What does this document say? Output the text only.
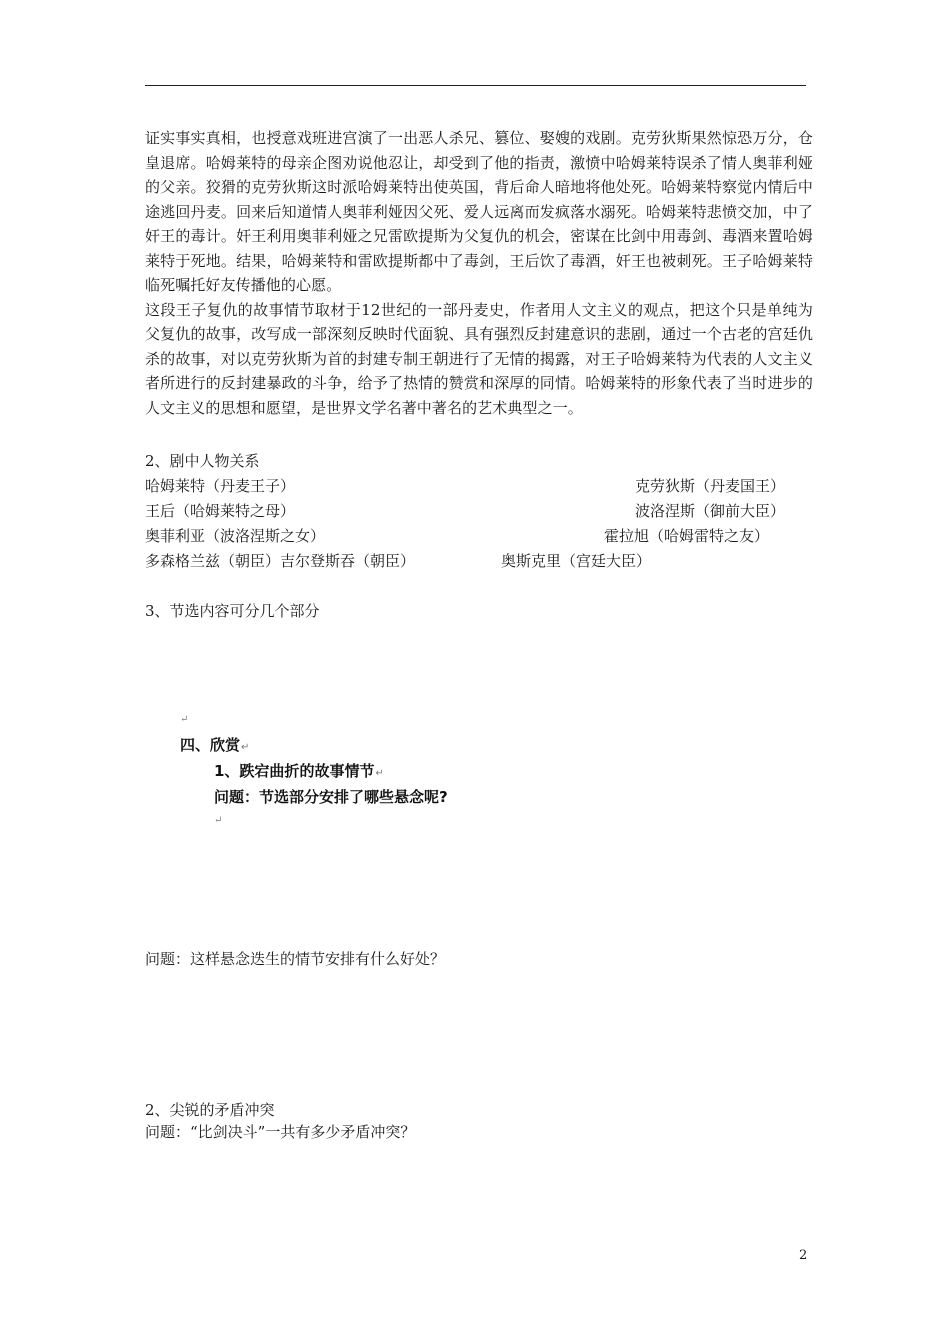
证实事实真相，也授意戏班进宫演了一出恶人杀兄、篡位、娶嫂的戏剧。克劳狄斯果然惊恐万分，仓皇退席。哈姆莱特的母亲企图劝说他忍让，却受到了他的指责，激愤中哈姆莱特误杀了情人奥菲利娅的父亲。狡猾的克劳狄斯这时派哈姆莱特出使英国，背后命人暗地将他处死。哈姆莱特察觉内情后中途逃回丹麦。回来后知道情人奥菲利娅因父死、爱人远离而发疯落水溺死。哈姆莱特悲愤交加，中了奸王的毒计。奸王利用奥菲利娅之兄雷欧提斯为父复仇的机会，密谋在比剑中用毒剑、毒酒来置哈姆莱特于死地。结果，哈姆莱特和雷欧提斯都中了毒剑，王后饮了毒酒，奸王也被刺死。王子哈姆莱特临死嘱托好友传播他的心愿。
这段王子复仇的故事情节取材于12世纪的一部丹麦史，作者用人文主义的观点，把这个只是单纯为父复仇的故事，改写成一部深刻反映时代面貌、具有强烈反封建意识的悲剧，通过一个古老的宫廷仇杀的故事，对以克劳狄斯为首的封建专制王朝进行了无情的揭露，对王子哈姆莱特为代表的人文主义者所进行的反封建暴政的斗争，给予了热情的赞赏和深厚的同情。哈姆莱特的形象代表了当时进步的人文主义的思想和愿望，是世界文学名著中著名的艺术典型之一。
2、剧中人物关系
哈姆莱特（丹麦王子）	克劳狄斯（丹麦国王）
王后（哈姆莱特之母）	波洛涅斯（御前大臣）
奥菲利亚（波洛涅斯之女）	霍拉旭（哈姆雷特之友）
多森格兰兹（朝臣）吉尔登斯吞（朝臣）	奥斯克里（宫廷大臣）
3、节选内容可分几个部分
↵
四、欣赏↵
1、跌宕曲折的故事情节↵
问题：节选部分安排了哪些悬念呢?
↵
问题：这样悬念迭生的情节安排有什么好处？
2、尖锐的矛盾冲突
问题：“比剑决斗”一共有多少矛盾冲突？
2
